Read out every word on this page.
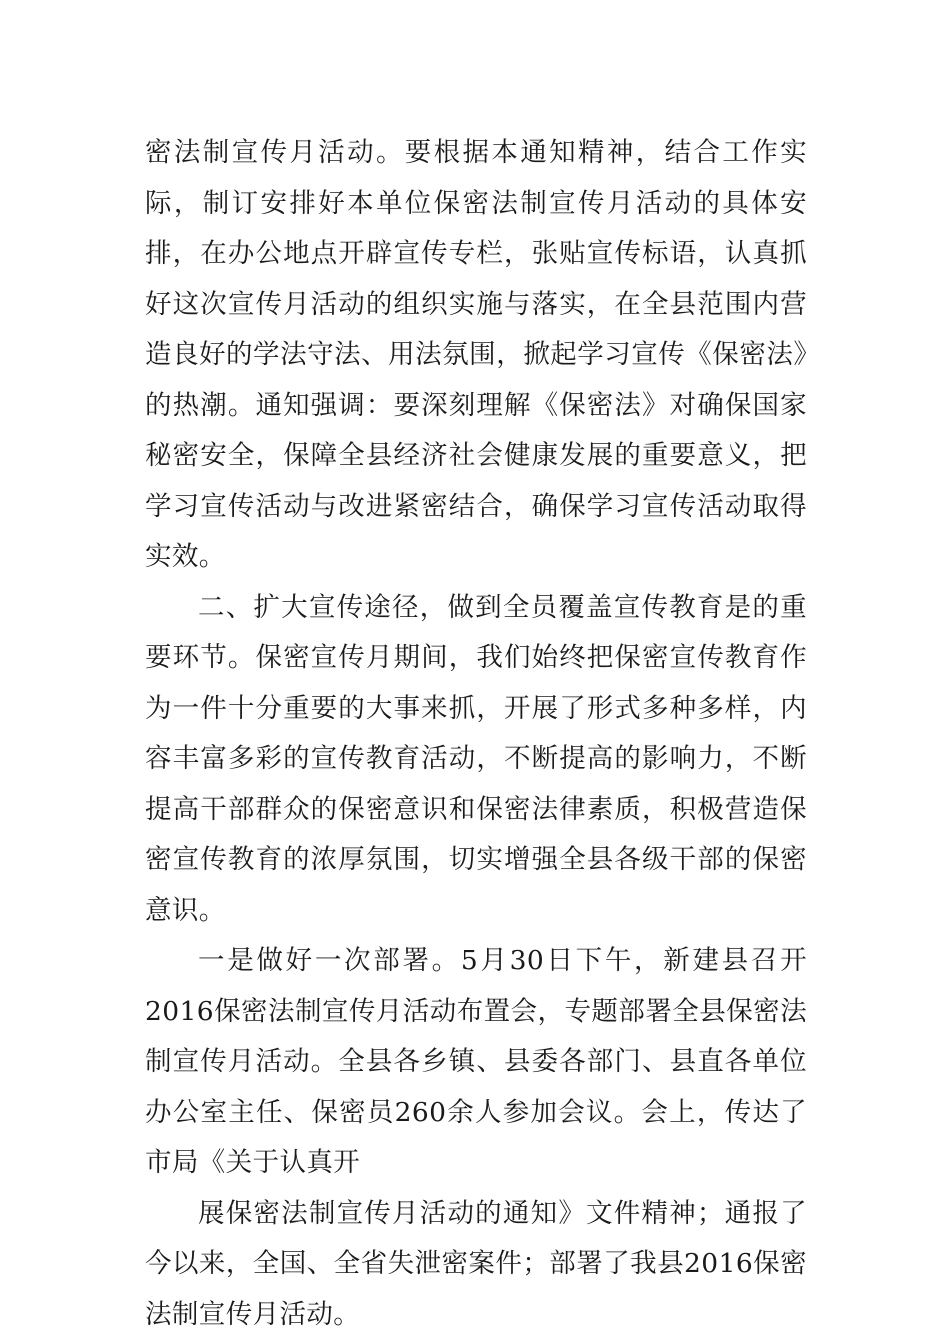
密法制宣传月活动。要根据本通知精神，结合工作实际，制订安排好本单位保密法制宣传月活动的具体安排，在办公地点开辟宣传专栏，张贴宣传标语，认真抓好这次宣传月活动的组织实施与落实，在全县范围内营造良好的学法守法、用法氛围，掀起学习宣传《保密法》的热潮。通知强调：要深刻理解《保密法》对确保国家秘密安全，保障全县经济社会健康发展的重要意义，把学习宣传活动与改进紧密结合，确保学习宣传活动取得实效。

二、扩大宣传途径，做到全员覆盖宣传教育是的重要环节。保密宣传月期间，我们始终把保密宣传教育作为一件十分重要的大事来抓，开展了形式多种多样，内容丰富多彩的宣传教育活动，不断提高的影响力，不断提高干部群众的保密意识和保密法律素质，积极营造保密宣传教育的浓厚氛围，切实增强全县各级干部的保密意识。

一是做好一次部署。5月30日下午，新建县召开2016保密法制宣传月活动布置会，专题部署全县保密法制宣传月活动。全县各乡镇、县委各部门、县直各单位办公室主任、保密员260余人参加会议。会上，传达了市局《关于认真开

展保密法制宣传月活动的通知》文件精神；通报了今以来，全国、全省失泄密案件；部署了我县2016保密法制宣传月活动。
